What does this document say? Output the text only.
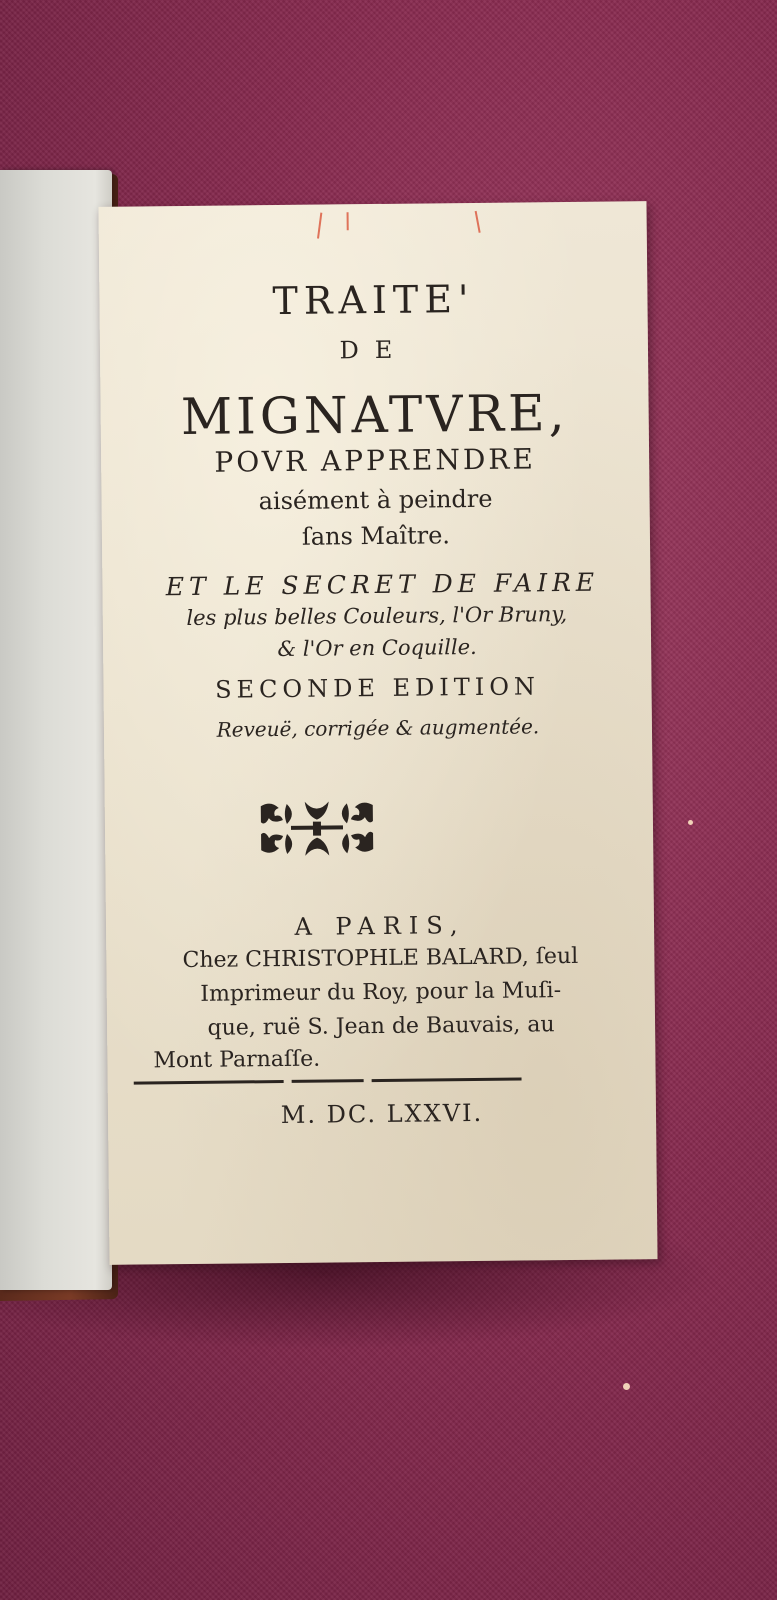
TRAITE'
DE
MIGNATVRE,
POVR APPRENDRE
aisément à peindre
ſans Maître.
ET LE SECRET DE FAIRE
les plus belles Couleurs, l'Or Bruny,
& l'Or en Coquille.
SECONDE EDITION
Reveuë, corrigée & augmentée.
A PARIS,
Chez CHRISTOPHLE BALARD, ſeul
Imprimeur du Roy, pour la Muſi-
que, ruë S. Jean de Bauvais, au
Mont Parnaſſe.
M. DC. LXXVI.
